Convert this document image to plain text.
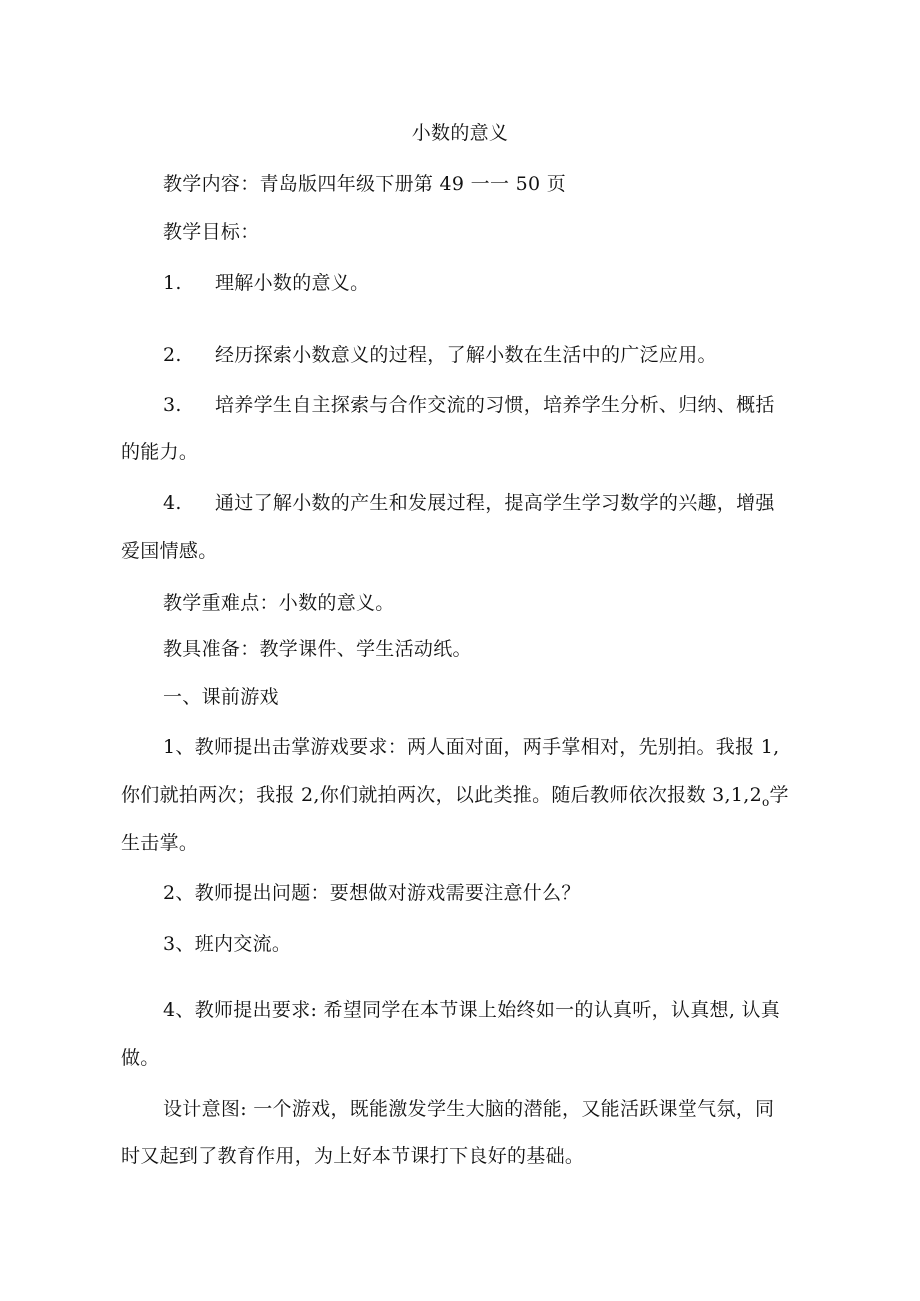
小数的意义
教学内容：青岛版四年级下册第 49 一一 50 页
教学目标：
1. 理解小数的意义。
2. 经历探索小数意义的过程，了解小数在生活中的广泛应用。
3. 培养学生自主探索与合作交流的习惯，培养学生分析、归纳、概括
的能力。
4. 通过了解小数的产生和发展过程，提高学生学习数学的兴趣，增强
爱国情感。
教学重难点：小数的意义。
教具准备：教学课件、学生活动纸。
一、课前游戏
1、教师提出击掌游戏要求：两人面对面，两手掌相对，先别拍。我报 1,
你们就拍两次；我报 2,你们就拍两次，以此类推。随后教师依次报数 $3,1,2_o$学
生击掌。
2、教师提出问题：要想做对游戏需要注意什么？
3、班内交流。
4、教师提出要求: 希望同学在本节课上始终如一的认真听，认真想, 认真
做。
设计意图: 一个游戏，既能激发学生大脑的潜能，又能活跃课堂气氛，同
时又起到了教育作用，为上好本节课打下良好的基础。
